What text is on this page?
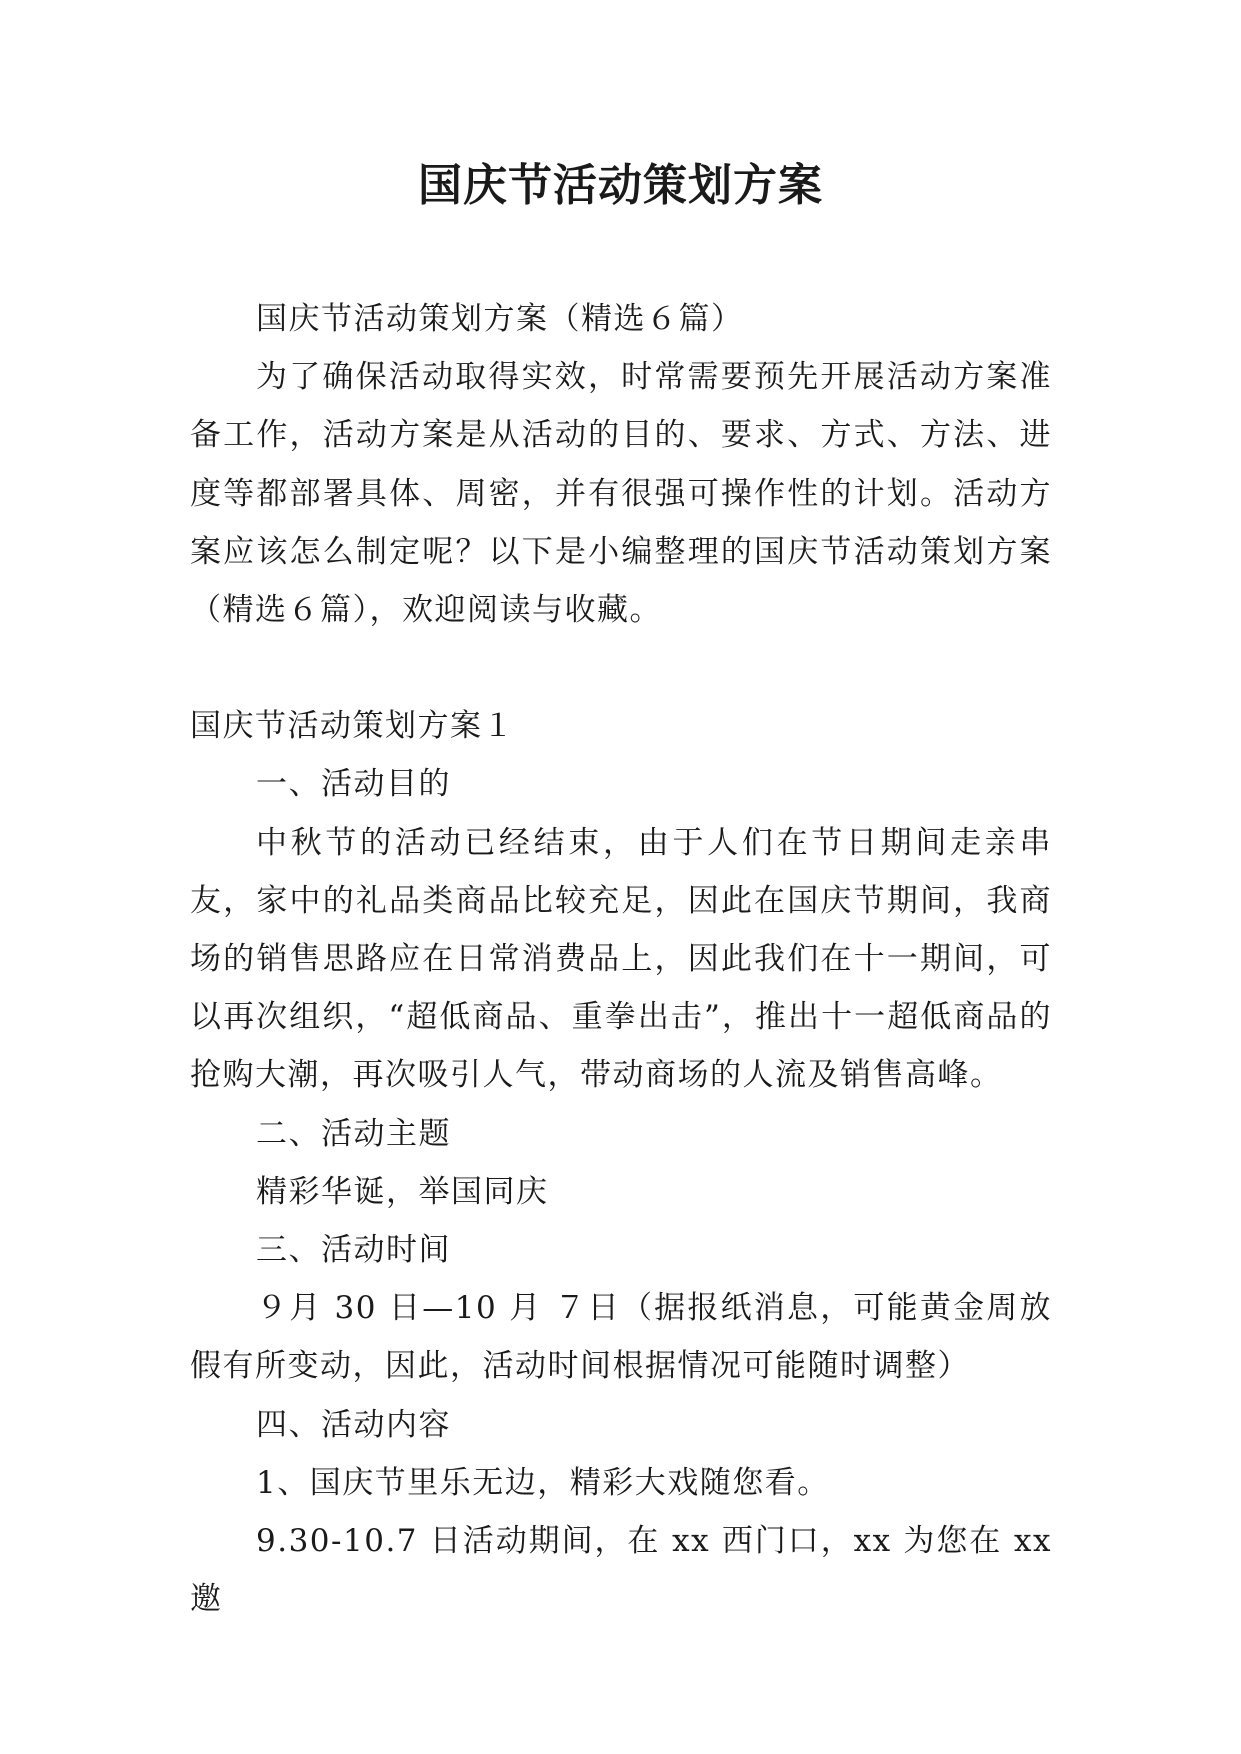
国庆节活动策划方案

国庆节活动策划方案（精选６篇）

为了确保活动取得实效，时常需要预先开展活动方案准备工作，活动方案是从活动的目的、要求、方式、方法、进度等都部署具体、周密，并有很强可操作性的计划。活动方案应该怎么制定呢？以下是小编整理的国庆节活动策划方案（精选６篇），欢迎阅读与收藏。

国庆节活动策划方案１

一、活动目的

中秋节的活动已经结束，由于人们在节日期间走亲串友，家中的礼品类商品比较充足，因此在国庆节期间，我商场的销售思路应在日常消费品上，因此我们在十一期间，可以再次组织，“超低商品、重拳出击”，推出十一超低商品的抢购大潮，再次吸引人气，带动商场的人流及销售高峰。

二、活动主题

精彩华诞，举国同庆

三、活动时间

９月 30 日—10 月 ７日（据报纸消息，可能黄金周放假有所变动，因此，活动时间根据情况可能随时调整）

四、活动内容

1、国庆节里乐无边，精彩大戏随您看。

9.30-10.7 日活动期间，在 xx 西门口，xx 为您在 xx 邀
